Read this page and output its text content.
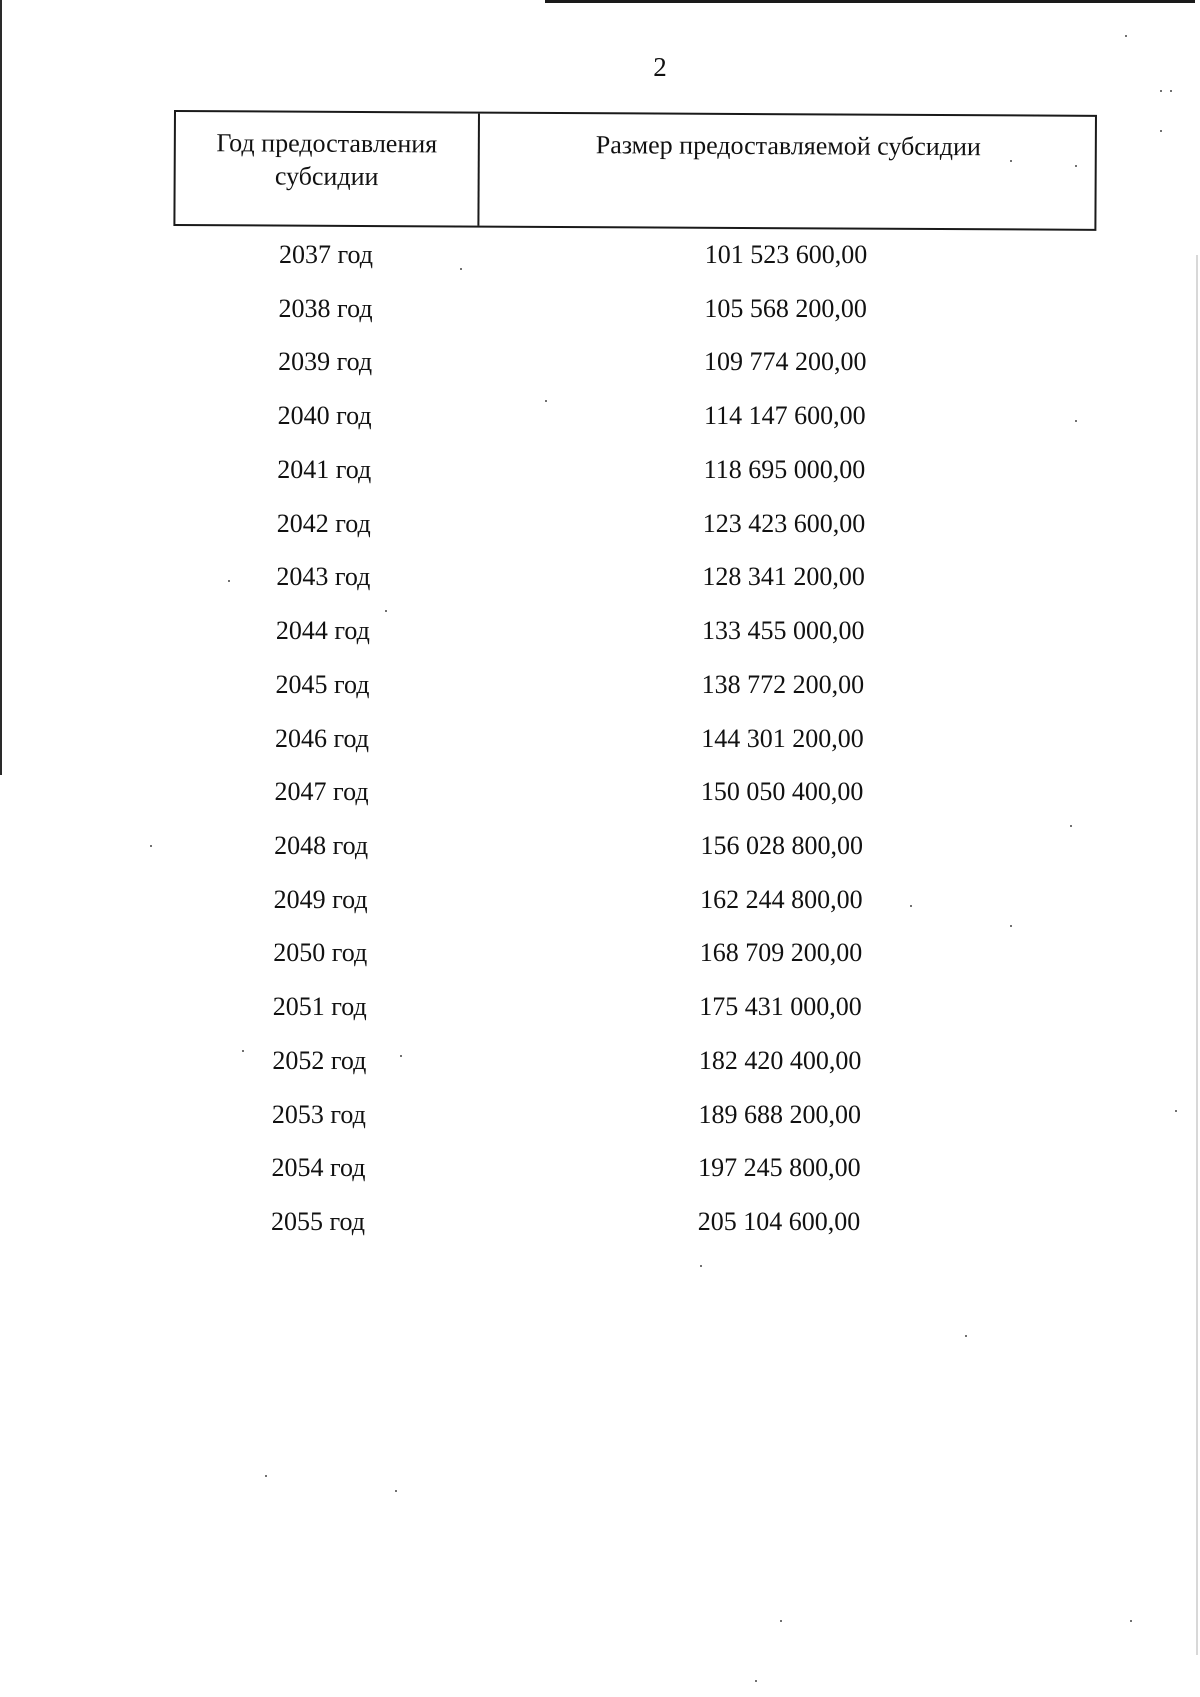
2
Год предоставления субсидии
Размер предоставляемой субсидии
2037 год	101 523 600,00
2038 год	105 568 200,00
2039 год	109 774 200,00
2040 год	114 147 600,00
2041 год	118 695 000,00
2042 год	123 423 600,00
2043 год	128 341 200,00
2044 год	133 455 000,00
2045 год	138 772 200,00
2046 год	144 301 200,00
2047 год	150 050 400,00
2048 год	156 028 800,00
2049 год	162 244 800,00
2050 год	168 709 200,00
2051 год	175 431 000,00
2052 год	182 420 400,00
2053 год	189 688 200,00
2054 год	197 245 800,00
2055 год	205 104 600,00
